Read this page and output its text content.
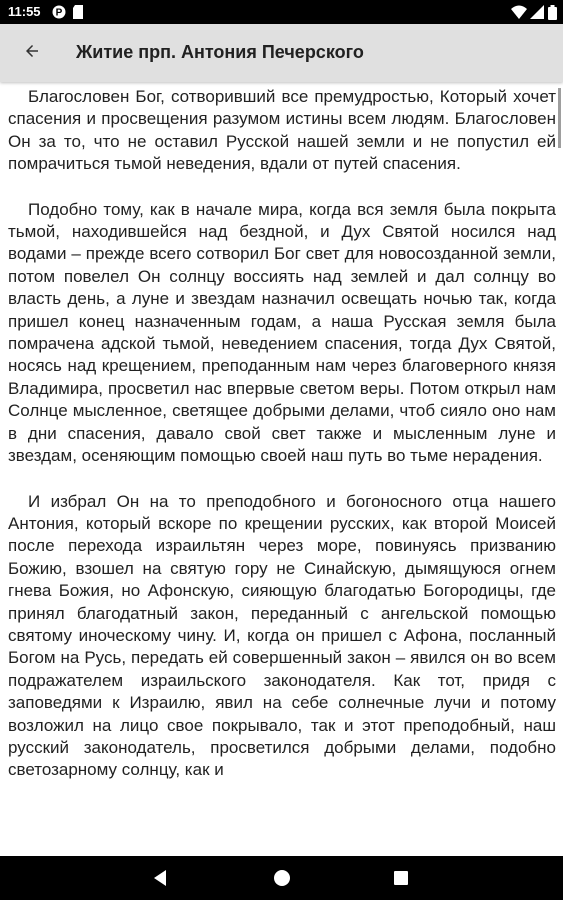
11:55 P
Житие прп. Антония Печерского

Благословен Бог, сотворивший все премудростью, Который хочет спасения и просвещения разумом истины всем людям. Благословен Он за то, что не оставил Русской нашей земли и не попустил ей помрачиться тьмой неведения, вдали от путей спасения.

Подобно тому, как в начале мира, когда вся земля была покрыта тьмой, находившейся над бездной, и Дух Святой носился над водами – прежде всего сотворил Бог свет для новосозданной земли, потом повелел Он солнцу воссиять над землей и дал солнцу во власть день, а луне и звездам назначил освещать ночью так, когда пришел конец назначенным годам, а наша Русская земля была помрачена адской тьмой, неведением спасения, тогда Дух Святой, носясь над крещением, преподанным нам через благоверного князя Владимира, просветил нас впервые светом веры. Потом открыл нам Солнце мысленное, светящее добрыми делами, чтоб сияло оно нам в дни спасения, давало свой свет также и мысленным луне и звездам, осеняющим помощью своей наш путь во тьме нерадения.

И избрал Он на то преподобного и богоносного отца нашего Антония, который вскоре по крещении русских, как второй Моисей после перехода израильтян через море, повинуясь призванию Божию, взошел на святую гору не Синайскую, дымящуюся огнем гнева Божия, но Афонскую, сияющую благодатью Богородицы, где принял благодатный закон, переданный с ангельской помощью святому иноческому чину. И, когда он пришел с Афона, посланный Богом на Русь, передать ей совершенный закон – явился он во всем подражателем израильского законодателя. Как тот, придя с заповедями к Израилю, явил на себе солнечные лучи и потому возложил на лицо свое покрывало, так и этот преподобный, наш русский законодатель, просветился добрыми делами, подобно светозарному солнцу, как и
